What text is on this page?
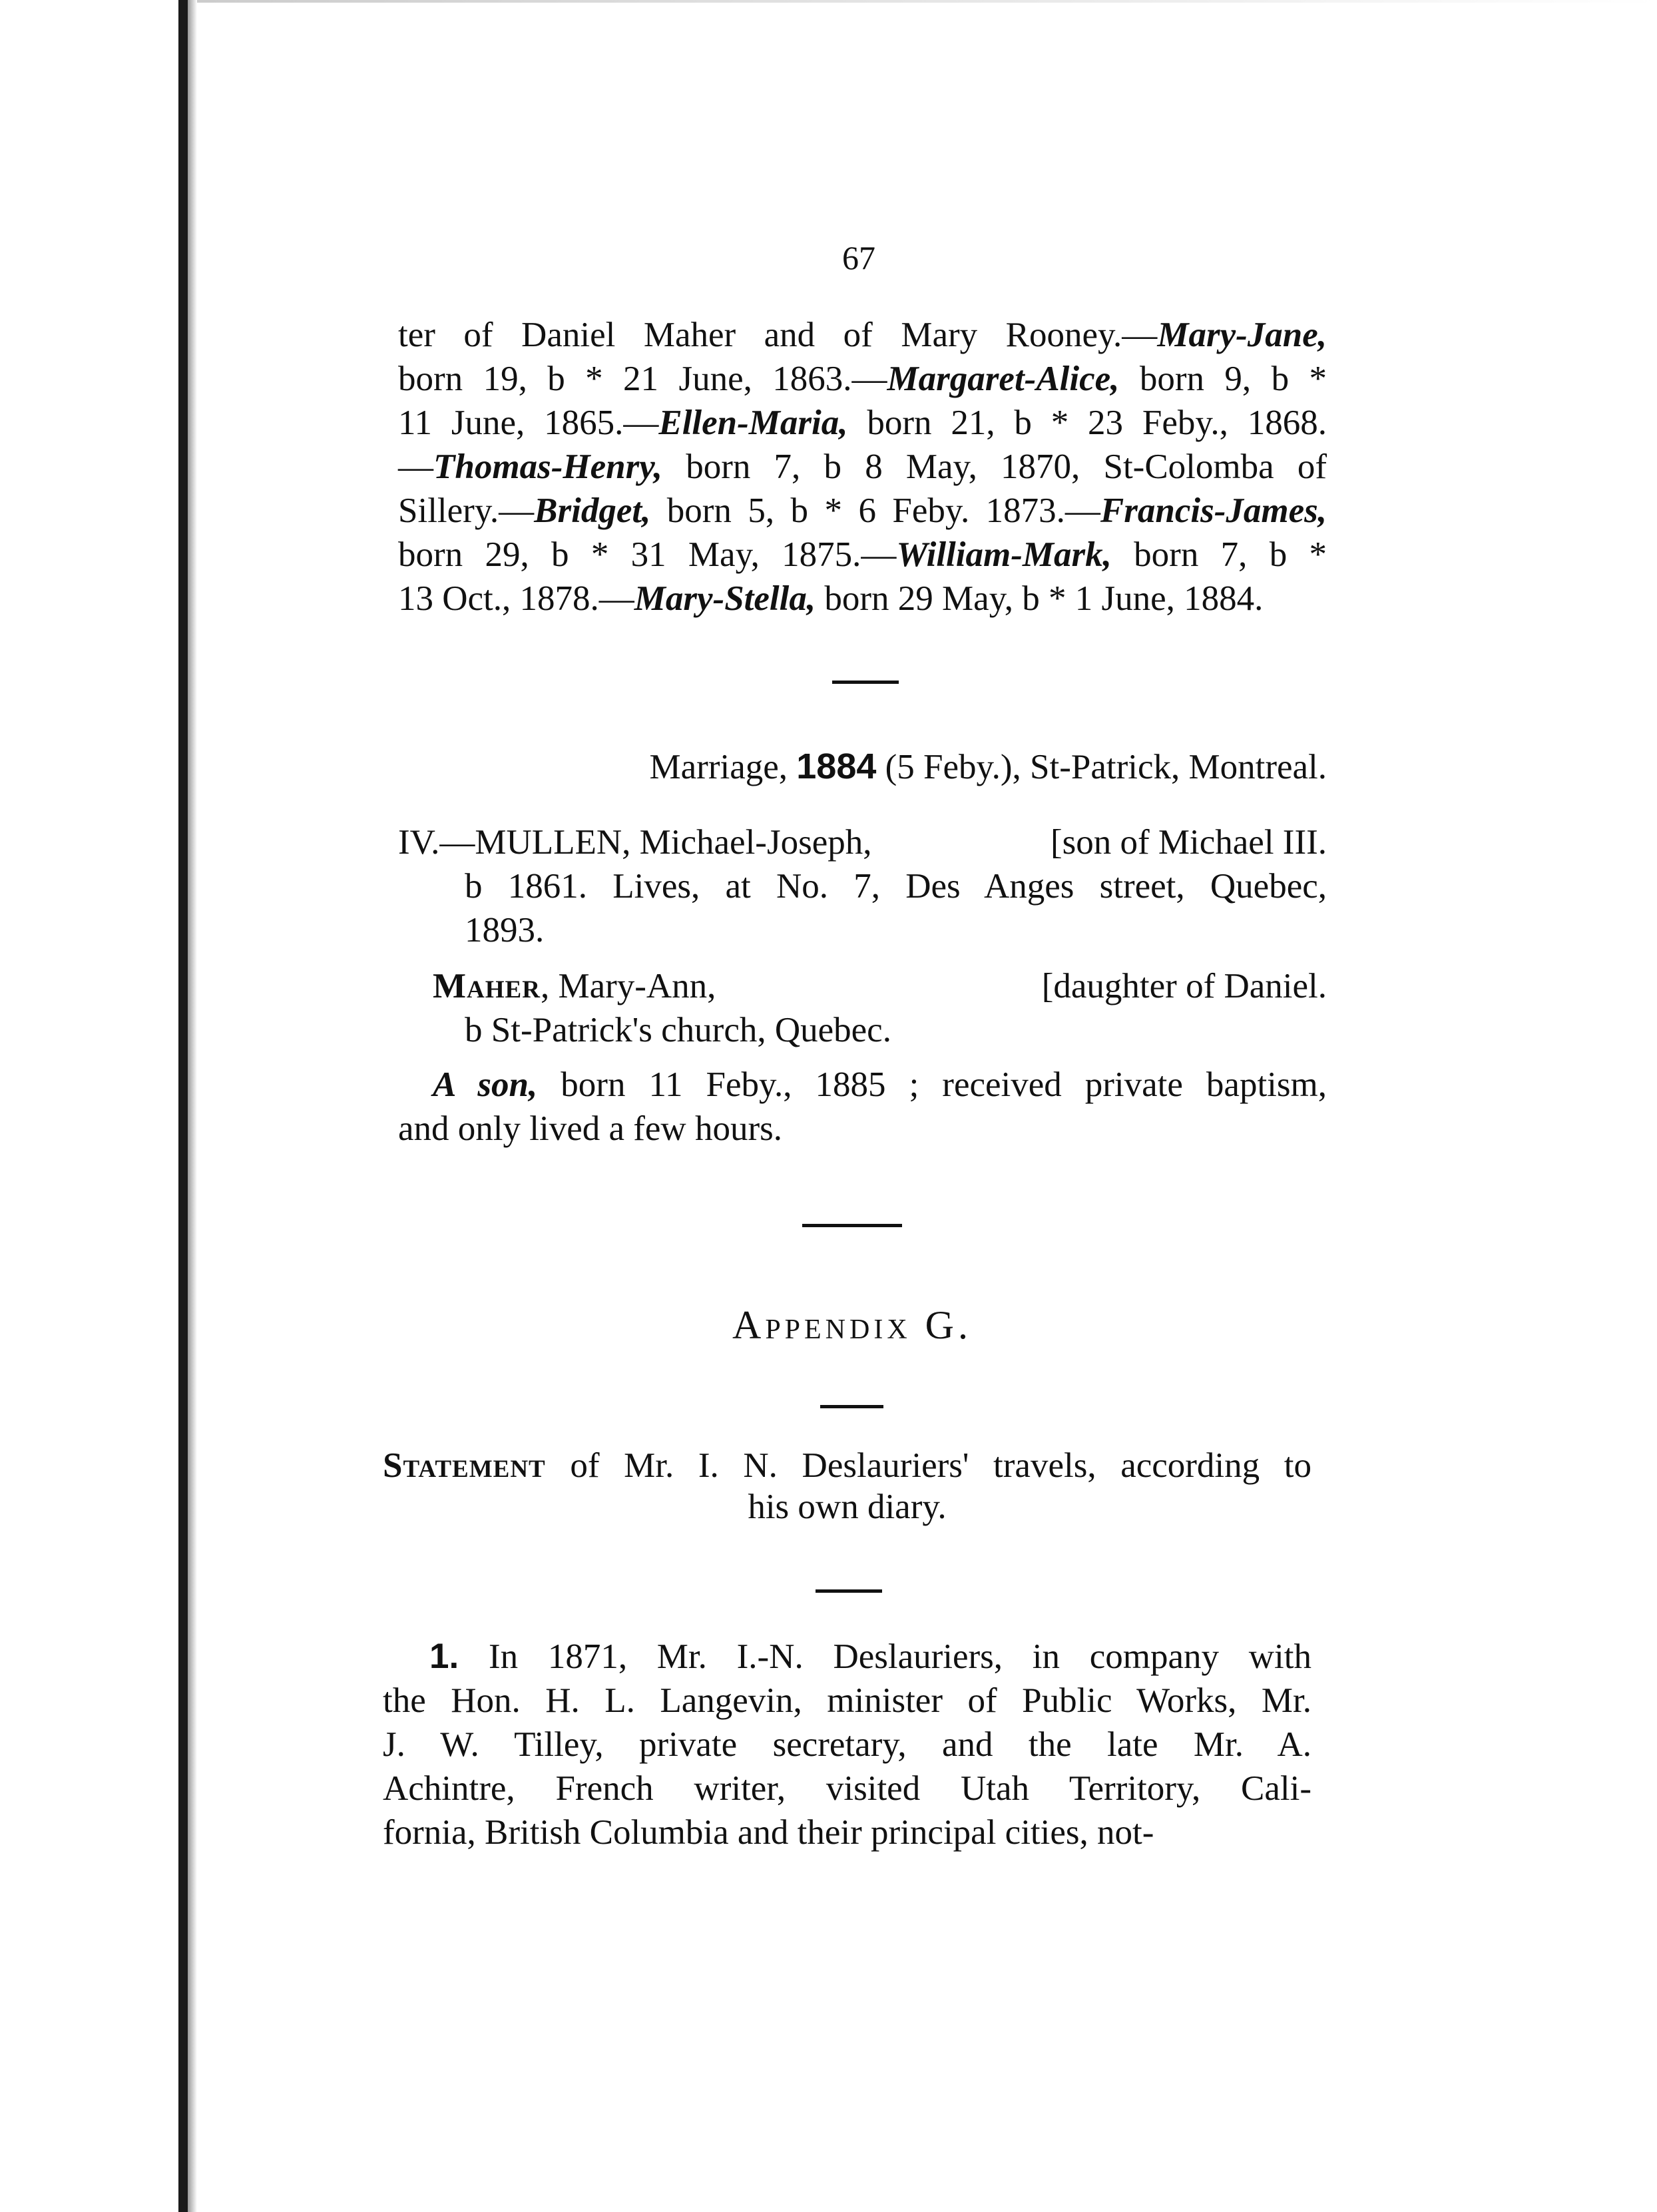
67

ter of Daniel Maher and of Mary Rooney.—Mary-Jane,
born 19, b * 21 June, 1863.—Margaret-Alice, born 9, b *
11 June, 1865.—Ellen-Maria, born 21, b * 23 Feby., 1868.
—Thomas-Henry, born 7, b 8 May, 1870, St-Colomba of
Sillery.—Bridget, born 5, b * 6 Feby. 1873.—Francis-James,
born 29, b * 31 May, 1875.—William-Mark, born 7, b *
13 Oct., 1878.—Mary-Stella, born 29 May, b * 1 June, 1884.

Marriage, 1884 (5 Feby.), St-Patrick, Montreal.
IV.—MULLEN, Michael-Joseph,	[son of Michael III.
b 1861. Lives, at No. 7, Des Anges street, Quebec,
1893.
Maher, Mary-Ann,	[daughter of Daniel.
b St-Patrick's church, Quebec.
A son, born 11 Feby., 1885 ; received private baptism,
and only lived a few hours.
Appendix G.
Statement of Mr. I. N. Deslauriers' travels, according to
his own diary.
1. In 1871, Mr. I.-N. Deslauriers, in company with
the Hon. H. L. Langevin, minister of Public Works, Mr.
J. W. Tilley, private secretary, and the late Mr. A.
Achintre, French writer, visited Utah Territory, Cali-
fornia, British Columbia and their principal cities, not-
